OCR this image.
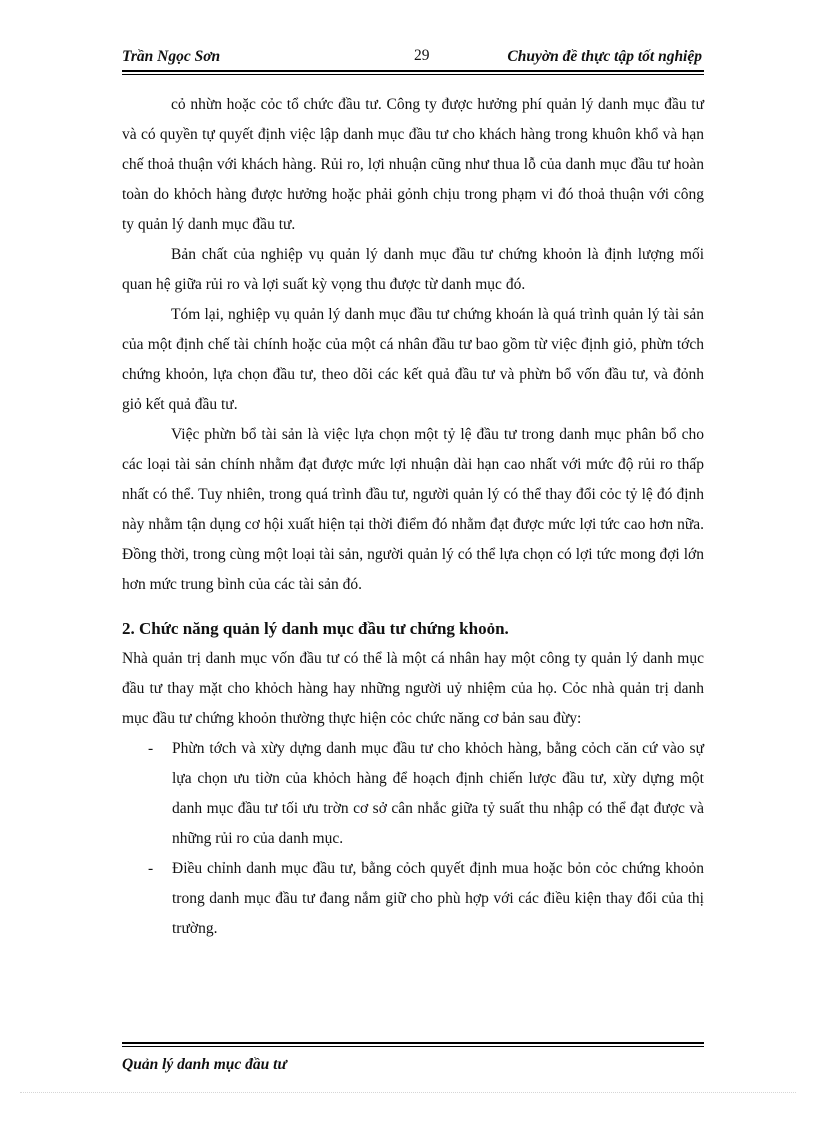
Trần Ngọc Sơn	29	Chuyờn đề thực tập tốt nghiệp

cỏ nhừn hoặc cỏc tổ chức đầu tư. Công ty được hưởng phí quản lý danh mục đầu tư và có quyền tự quyết định việc lập danh mục đầu tư cho khách hàng trong khuôn khổ và hạn chế thoả thuận với khách hàng. Rủi ro, lợi nhuận cũng như thua lỗ của danh mục đầu tư hoàn toàn do khỏch hàng được hưởng hoặc phải gỏnh chịu trong phạm vi đó thoả thuận với công ty quản lý danh mục đầu tư.

Bản chất của nghiệp vụ quản lý danh mục đầu tư chứng khoỏn là định lượng mối quan hệ giữa rủi ro và lợi suất kỳ vọng thu được từ danh mục đó.

Tóm lại, nghiệp vụ quản lý danh mục đầu tư chứng khoán là quá trình quản lý tài sản của một định chế tài chính hoặc của một cá nhân đầu tư bao gồm từ việc định giỏ, phừn tớch chứng khoỏn, lựa chọn đầu tư, theo dõi các kết quả đầu tư và phừn bổ vốn đầu tư, và đỏnh giỏ kết quả đầu tư.

Việc phừn bổ tài sản là việc lựa chọn một tỷ lệ đầu tư trong danh mục phân bổ cho các loại tài sản chính nhằm đạt được mức lợi nhuận dài hạn cao nhất với mức độ rủi ro thấp nhất có thể. Tuy nhiên, trong quá trình đầu tư, người quản lý có thể thay đổi cỏc tỷ lệ đó định này nhằm tận dụng cơ hội xuất hiện tại thời điểm đó nhằm đạt được mức lợi tức cao hơn nữa. Đồng thời, trong cùng một loại tài sản, người quản lý có thể lựa chọn có lợi tức mong đợi lớn hơn mức trung bình của các tài sản đó.

2. Chức năng quản lý danh mục đầu tư chứng khoỏn.

Nhà quản trị danh mục vốn đầu tư có thể là một cá nhân hay một công ty quản lý danh mục đầu tư thay mặt cho khỏch hàng hay những người uỷ nhiệm của họ. Cỏc nhà quản trị danh mục đầu tư chứng khoỏn thường thực hiện cỏc chức năng cơ bản sau đừy:

- Phừn tớch và xừy dựng danh mục đầu tư cho khỏch hàng, bằng cỏch căn cứ vào sự lựa chọn ưu tiờn của khỏch hàng để hoạch định chiến lược đầu tư, xừy dựng một danh mục đầu tư tối ưu trờn cơ sở cân nhắc giữa tỷ suất thu nhập có thể đạt được và những rủi ro của danh mục.
- Điều chỉnh danh mục đầu tư, bằng cỏch quyết định mua hoặc bỏn cỏc chứng khoỏn trong danh mục đầu tư đang nắm giữ cho phù hợp với các điều kiện thay đổi của thị trường.
Quản lý danh mục đầu tư
